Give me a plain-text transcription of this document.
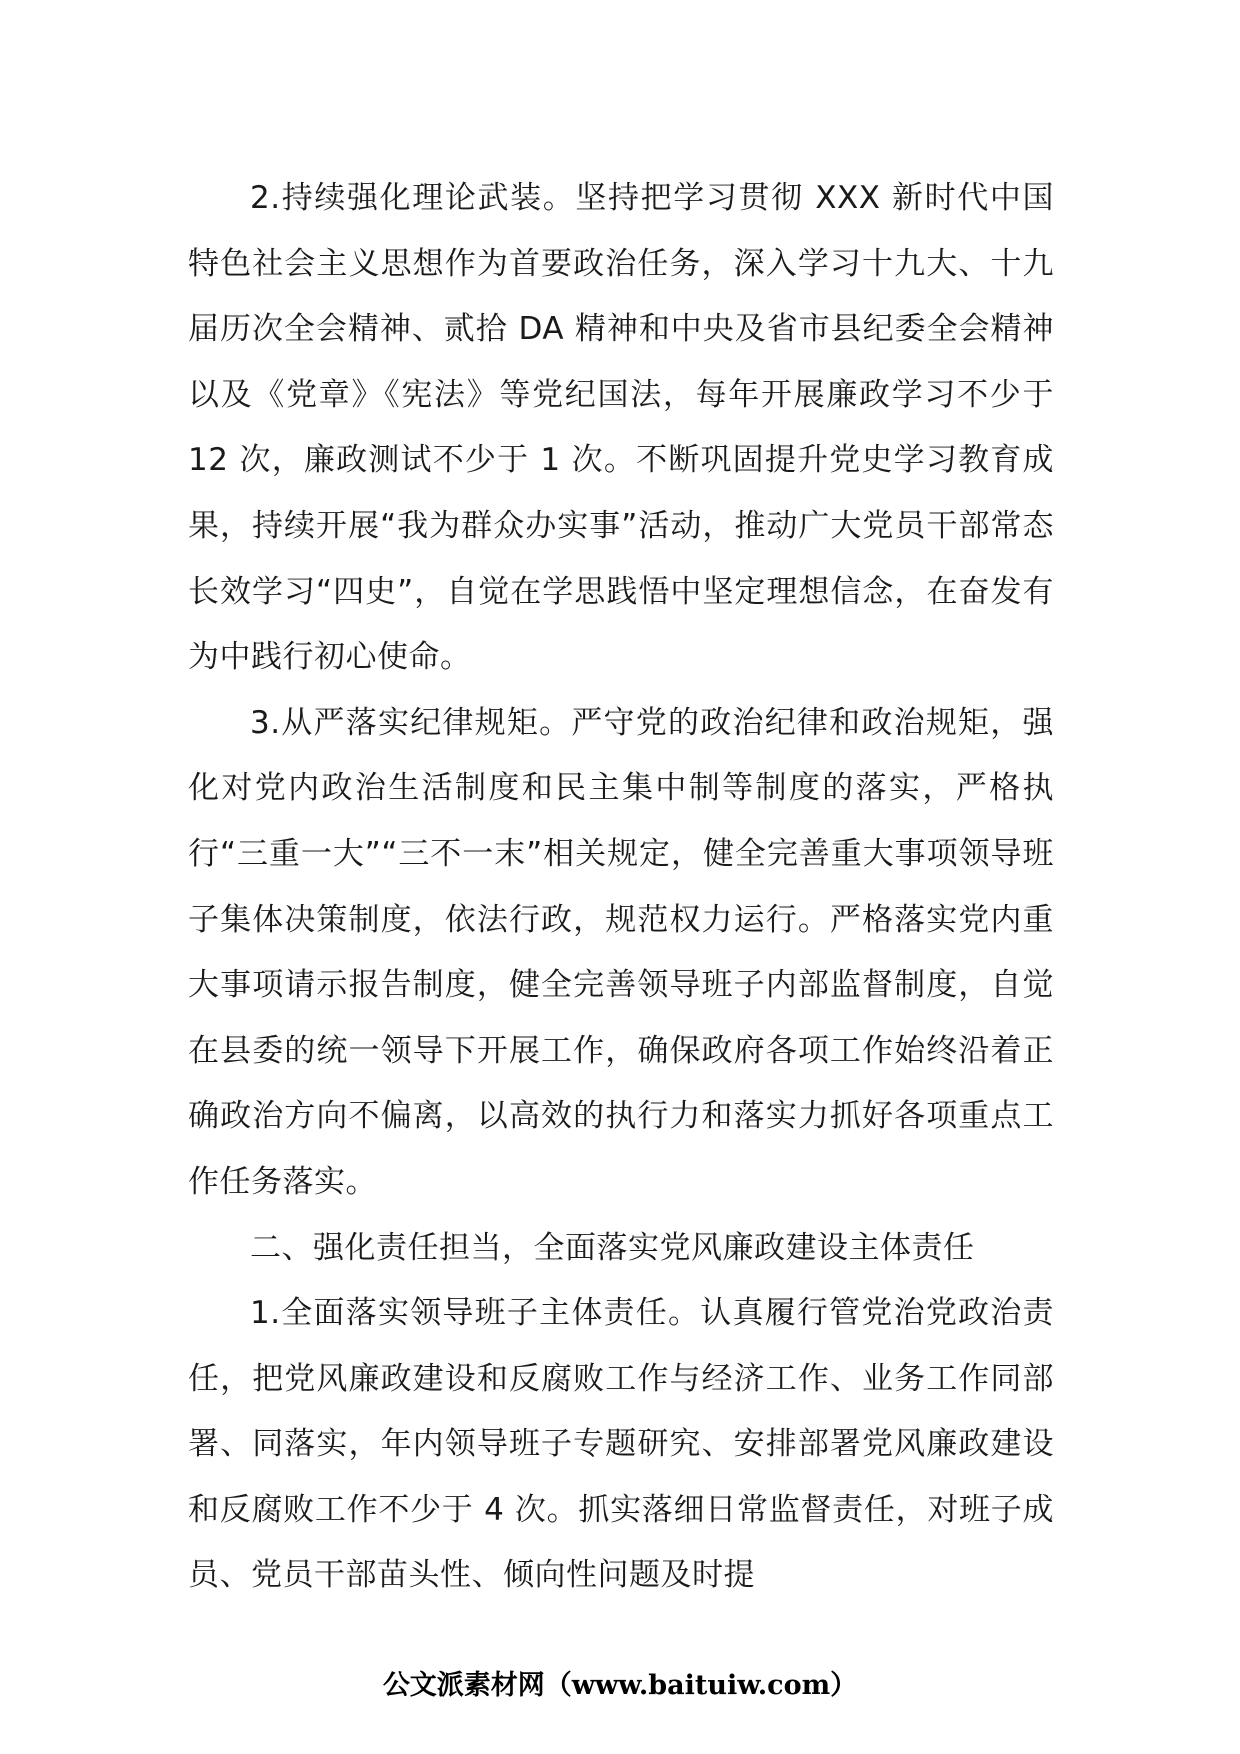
2.持续强化理论武装。坚持把学习贯彻 XXX 新时代中国特色社会主义思想作为首要政治任务，深入学习十九大、十九届历次全会精神、贰拾 DA 精神和中央及省市县纪委全会精神以及《党章》《宪法》等党纪国法，每年开展廉政学习不少于 12 次，廉政测试不少于 1 次。不断巩固提升党史学习教育成果，持续开展“我为群众办实事”活动，推动广大党员干部常态长效学习“四史”，自觉在学思践悟中坚定理想信念，在奋发有为中践行初心使命。

3.从严落实纪律规矩。严守党的政治纪律和政治规矩，强化对党内政治生活制度和民主集中制等制度的落实，严格执行“三重一大”“三不一末”相关规定，健全完善重大事项领导班子集体决策制度，依法行政，规范权力运行。严格落实党内重大事项请示报告制度，健全完善领导班子内部监督制度，自觉在县委的统一领导下开展工作，确保政府各项工作始终沿着正确政治方向不偏离，以高效的执行力和落实力抓好各项重点工作任务落实。

二、强化责任担当，全面落实党风廉政建设主体责任

1.全面落实领导班子主体责任。认真履行管党治党政治责任，把党风廉政建设和反腐败工作与经济工作、业务工作同部署、同落实，年内领导班子专题研究、安排部署党风廉政建设和反腐败工作不少于 4 次。抓实落细日常监督责任，对班子成员、党员干部苗头性、倾向性问题及时提

公文派素材网（www.baituiw.com）
